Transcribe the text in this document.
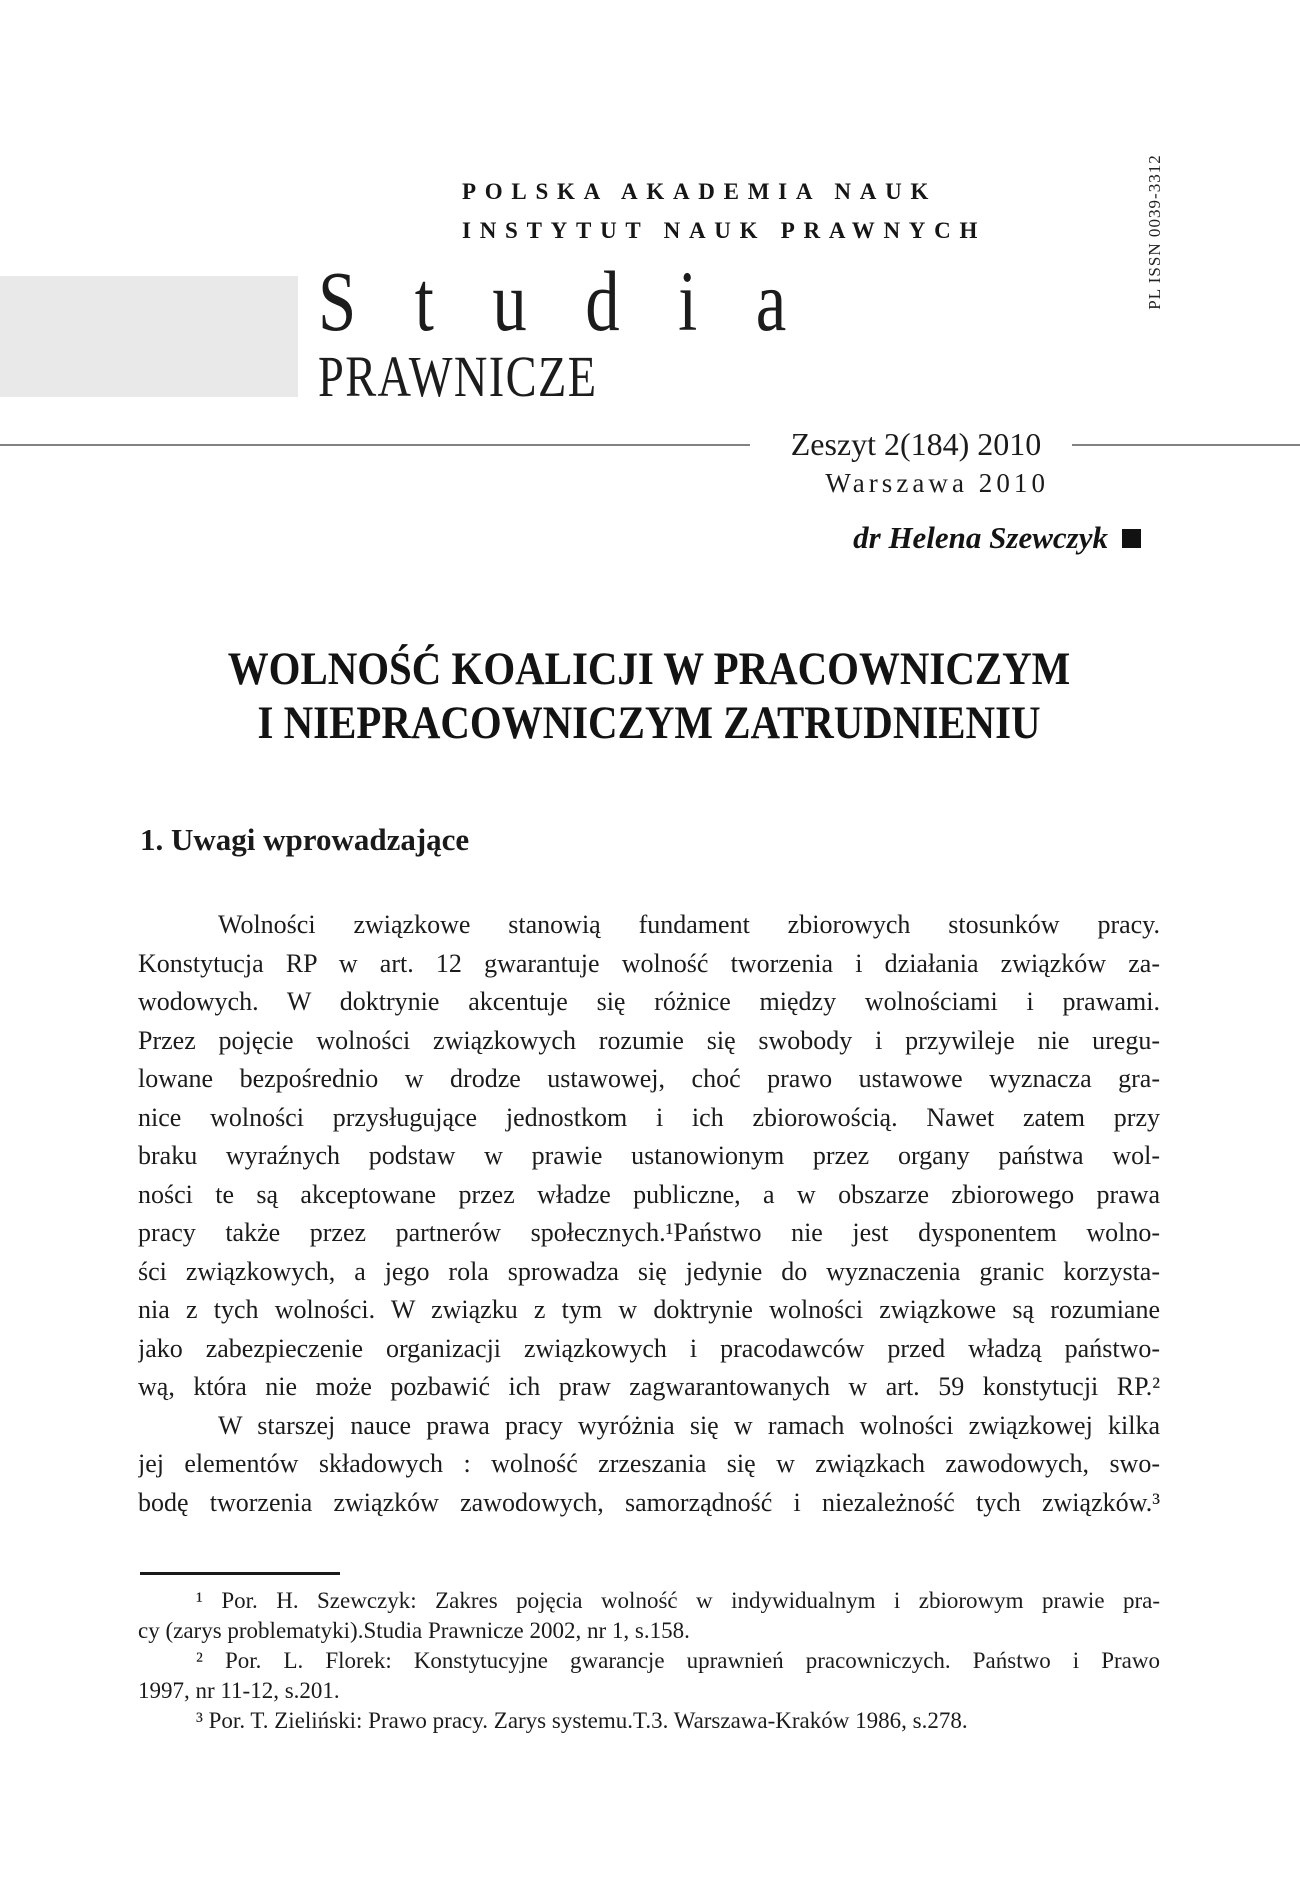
POLSKA AKADEMIA NAUK
INSTYTUT NAUK PRAWNYCH	PL ISSN 0039-3312
S t u d i a
PRAWNICZE
Zeszyt 2(184) 2010
Warszawa 2010
dr Helena Szewczyk
WOLNOŚĆ KOALICJI W PRACOWNICZYM
I NIEPRACOWNICZYM ZATRUDNIENIU
1. Uwagi wprowadzające
Wolności związkowe stanowią fundament zbiorowych stosunków pracy.
Konstytucja RP w art. 12 gwarantuje wolność tworzenia i działania związków za-
wodowych. W doktrynie akcentuje się różnice między wolnościami i prawami.
Przez pojęcie wolności związkowych rozumie się swobody i przywileje nie uregu-
lowane bezpośrednio w drodze ustawowej, choć prawo ustawowe wyznacza gra-
nice wolności przysługujące jednostkom i ich zbiorowością. Nawet zatem przy
braku wyraźnych podstaw w prawie ustanowionym przez organy państwa wol-
ności te są akceptowane przez władze publiczne, a w obszarze zbiorowego prawa
pracy także przez partnerów społecznych.¹Państwo nie jest dysponentem wolno-
ści związkowych, a jego rola sprowadza się jedynie do wyznaczenia granic korzysta-
nia z tych wolności. W związku z tym w doktrynie wolności związkowe są rozumiane
jako zabezpieczenie organizacji związkowych i pracodawców przed władzą państwo-
wą, która nie może pozbawić ich praw zagwarantowanych w art. 59 konstytucji RP.²
W starszej nauce prawa pracy wyróżnia się w ramach wolności związkowej kilka
jej elementów składowych : wolność zrzeszania się w związkach zawodowych, swo-
bodę tworzenia związków zawodowych, samorządność i niezależność tych związków.³
¹ Por. H. Szewczyk: Zakres pojęcia wolność w indywidualnym i zbiorowym prawie pra-
cy (zarys problematyki).Studia Prawnicze 2002, nr 1, s.158.
² Por. L. Florek: Konstytucyjne gwarancje uprawnień pracowniczych. Państwo i Prawo
1997, nr 11-12, s.201.
³ Por. T. Zieliński: Prawo pracy. Zarys systemu.T.3. Warszawa-Kraków 1986, s.278.
